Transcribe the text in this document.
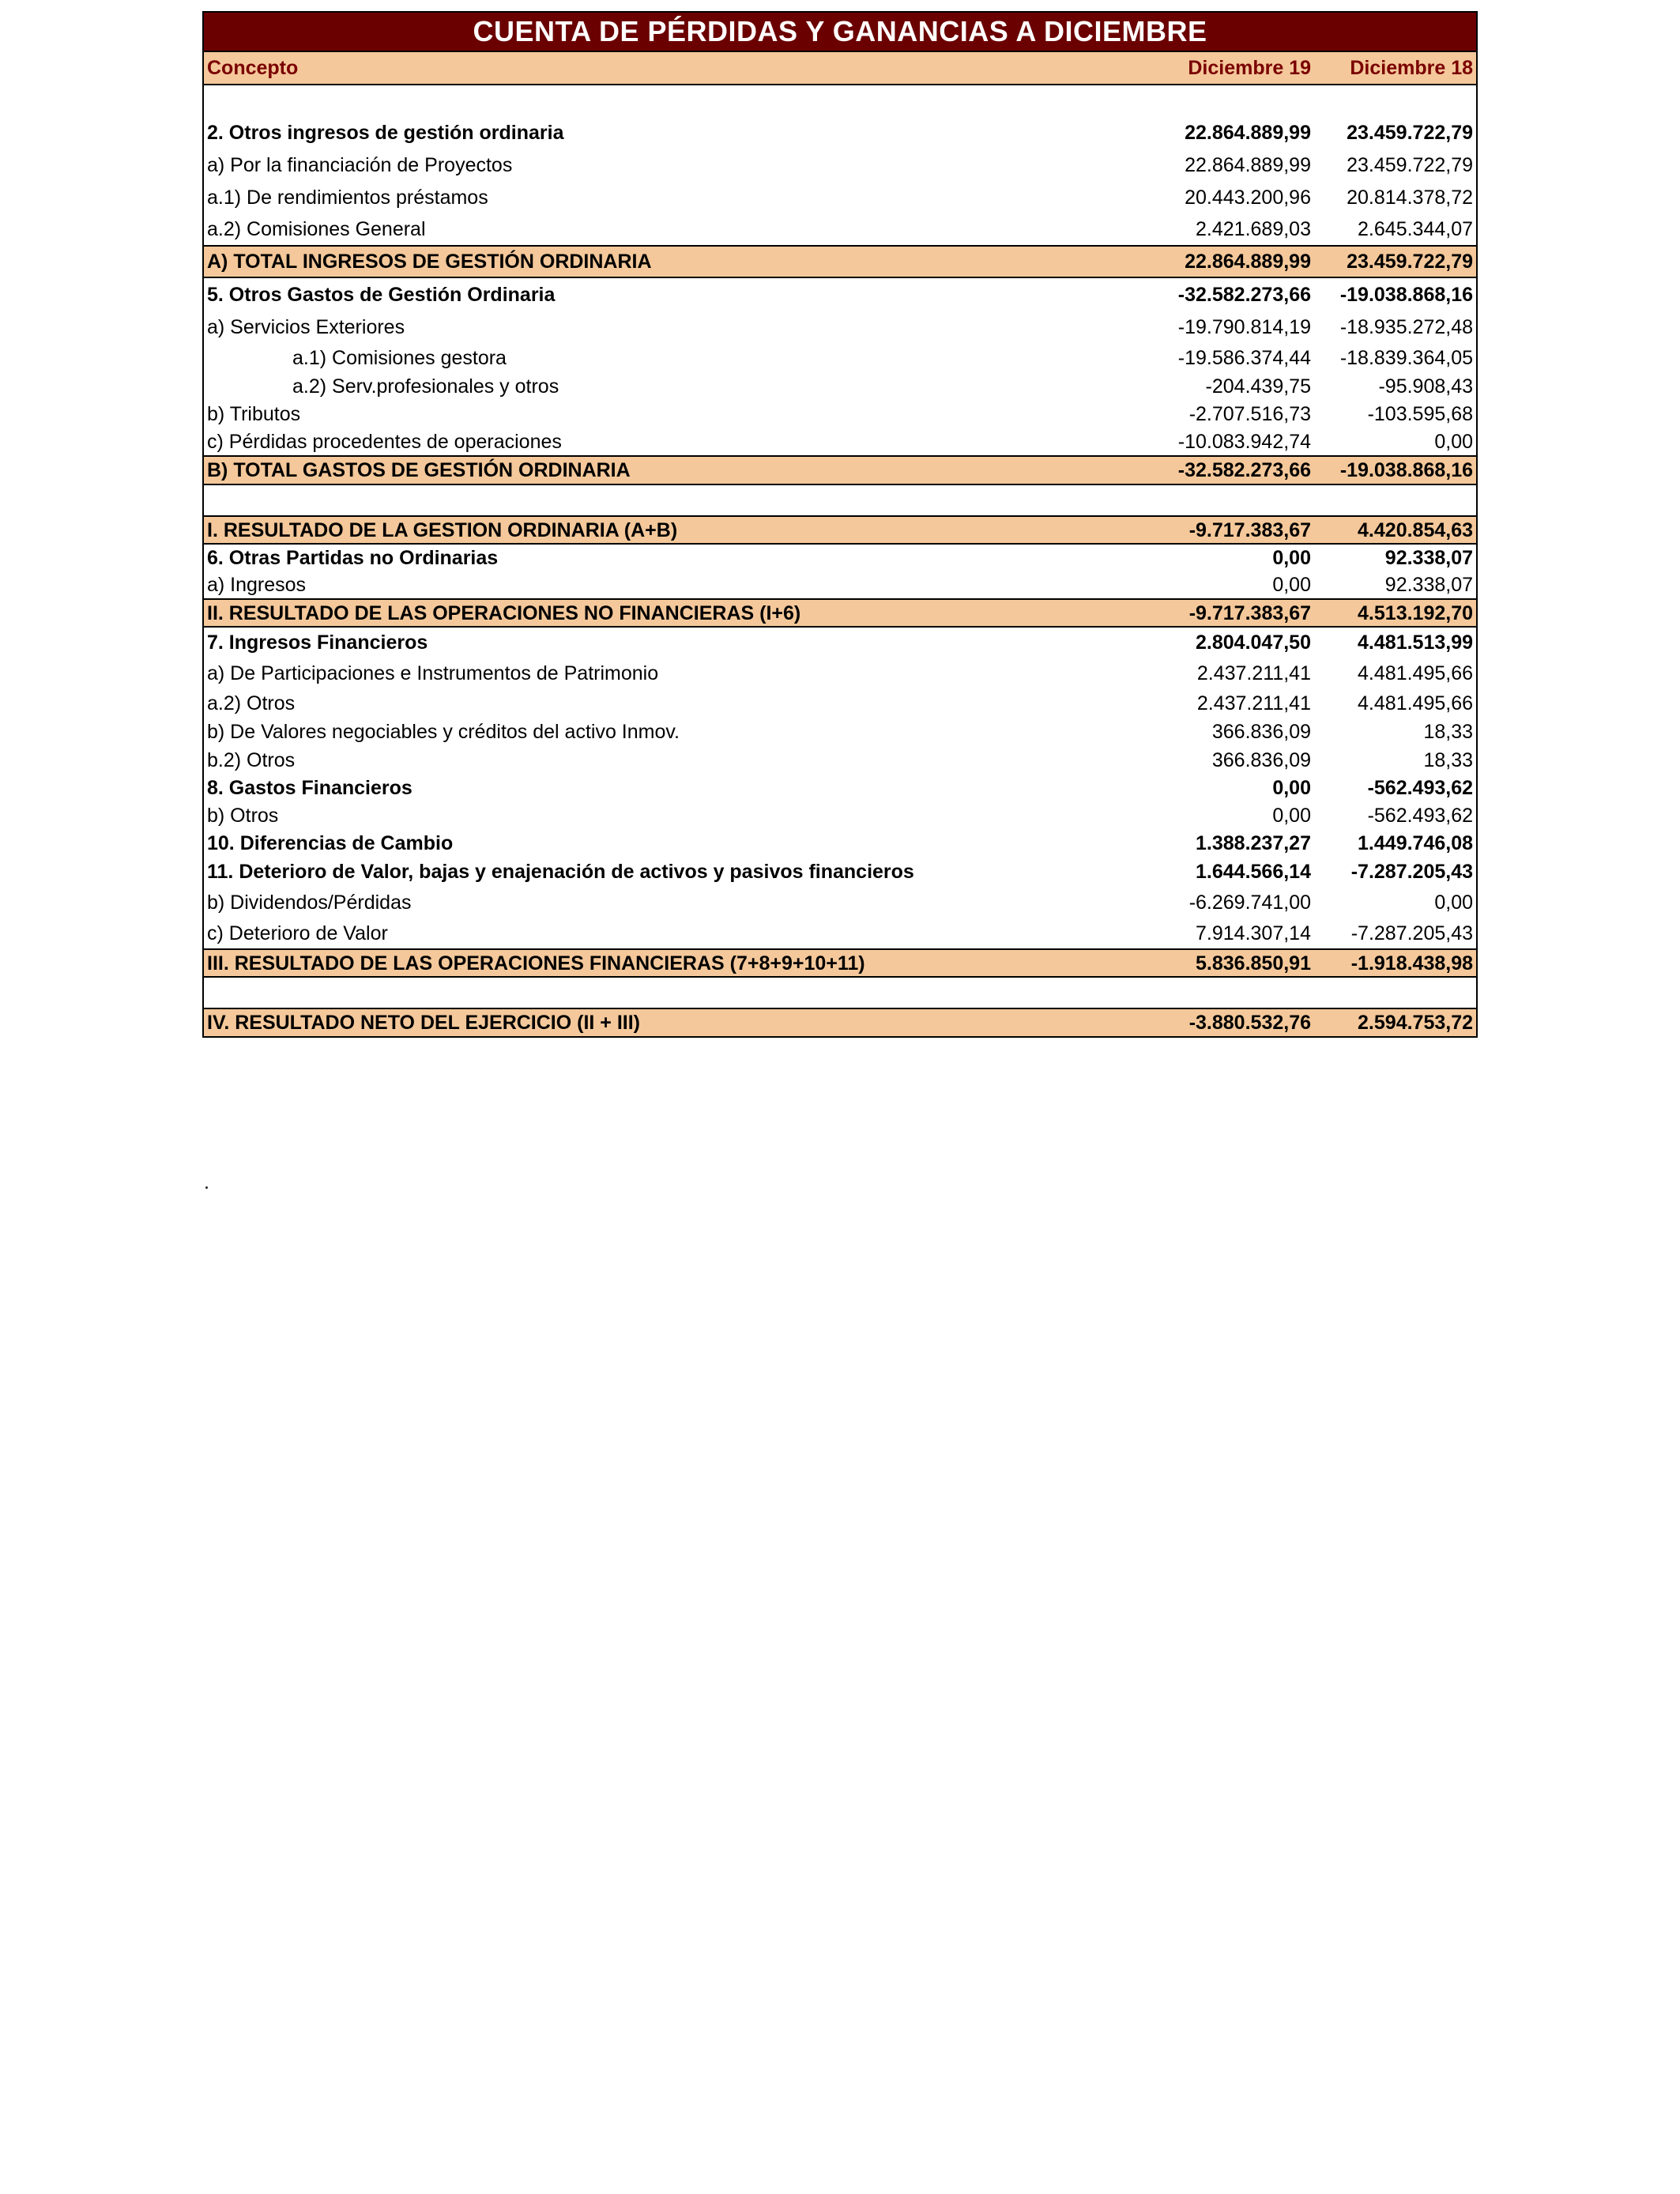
CUENTA DE PÉRDIDAS Y GANANCIAS A DICIEMBRE		
Concepto	Diciembre 19	Diciembre 18

2. Otros ingresos de gestión ordinaria	22.864.889,99	23.459.722,79
a) Por la financiación de Proyectos	22.864.889,99	23.459.722,79
a.1) De rendimientos préstamos	20.443.200,96	20.814.378,72
a.2) Comisiones General	2.421.689,03	2.645.344,07
A) TOTAL INGRESOS DE GESTIÓN ORDINARIA	22.864.889,99	23.459.722,79
5. Otros Gastos de Gestión Ordinaria	-32.582.273,66	-19.038.868,16
a) Servicios Exteriores	-19.790.814,19	-18.935.272,48
a.1) Comisiones gestora	-19.586.374,44	-18.839.364,05
a.2) Serv.profesionales y otros	-204.439,75	-95.908,43
b) Tributos	-2.707.516,73	-103.595,68
c) Pérdidas procedentes de operaciones	-10.083.942,74	0,00
B) TOTAL GASTOS DE GESTIÓN ORDINARIA	-32.582.273,66	-19.038.868,16

I. RESULTADO DE LA GESTION ORDINARIA (A+B)	-9.717.383,67	4.420.854,63
6. Otras Partidas no Ordinarias	0,00	92.338,07
a) Ingresos	0,00	92.338,07
II. RESULTADO DE LAS OPERACIONES NO FINANCIERAS (I+6)	-9.717.383,67	4.513.192,70
7. Ingresos Financieros	2.804.047,50	4.481.513,99
a) De Participaciones e Instrumentos de Patrimonio	2.437.211,41	4.481.495,66
a.2) Otros	2.437.211,41	4.481.495,66
b) De Valores negociables y créditos del activo Inmov.	366.836,09	18,33
b.2) Otros	366.836,09	18,33
8. Gastos Financieros	0,00	-562.493,62
b) Otros	0,00	-562.493,62
10. Diferencias de Cambio	1.388.237,27	1.449.746,08
11. Deterioro de Valor, bajas y enajenación de activos y pasivos financieros	1.644.566,14	-7.287.205,43
b) Dividendos/Pérdidas	-6.269.741,00	0,00
c) Deterioro de Valor	7.914.307,14	-7.287.205,43
III. RESULTADO DE LAS OPERACIONES FINANCIERAS (7+8+9+10+11)	5.836.850,91	-1.918.438,98

IV. RESULTADO NETO DEL EJERCICIO (II + III)	-3.880.532,76	2.594.753,72
.
